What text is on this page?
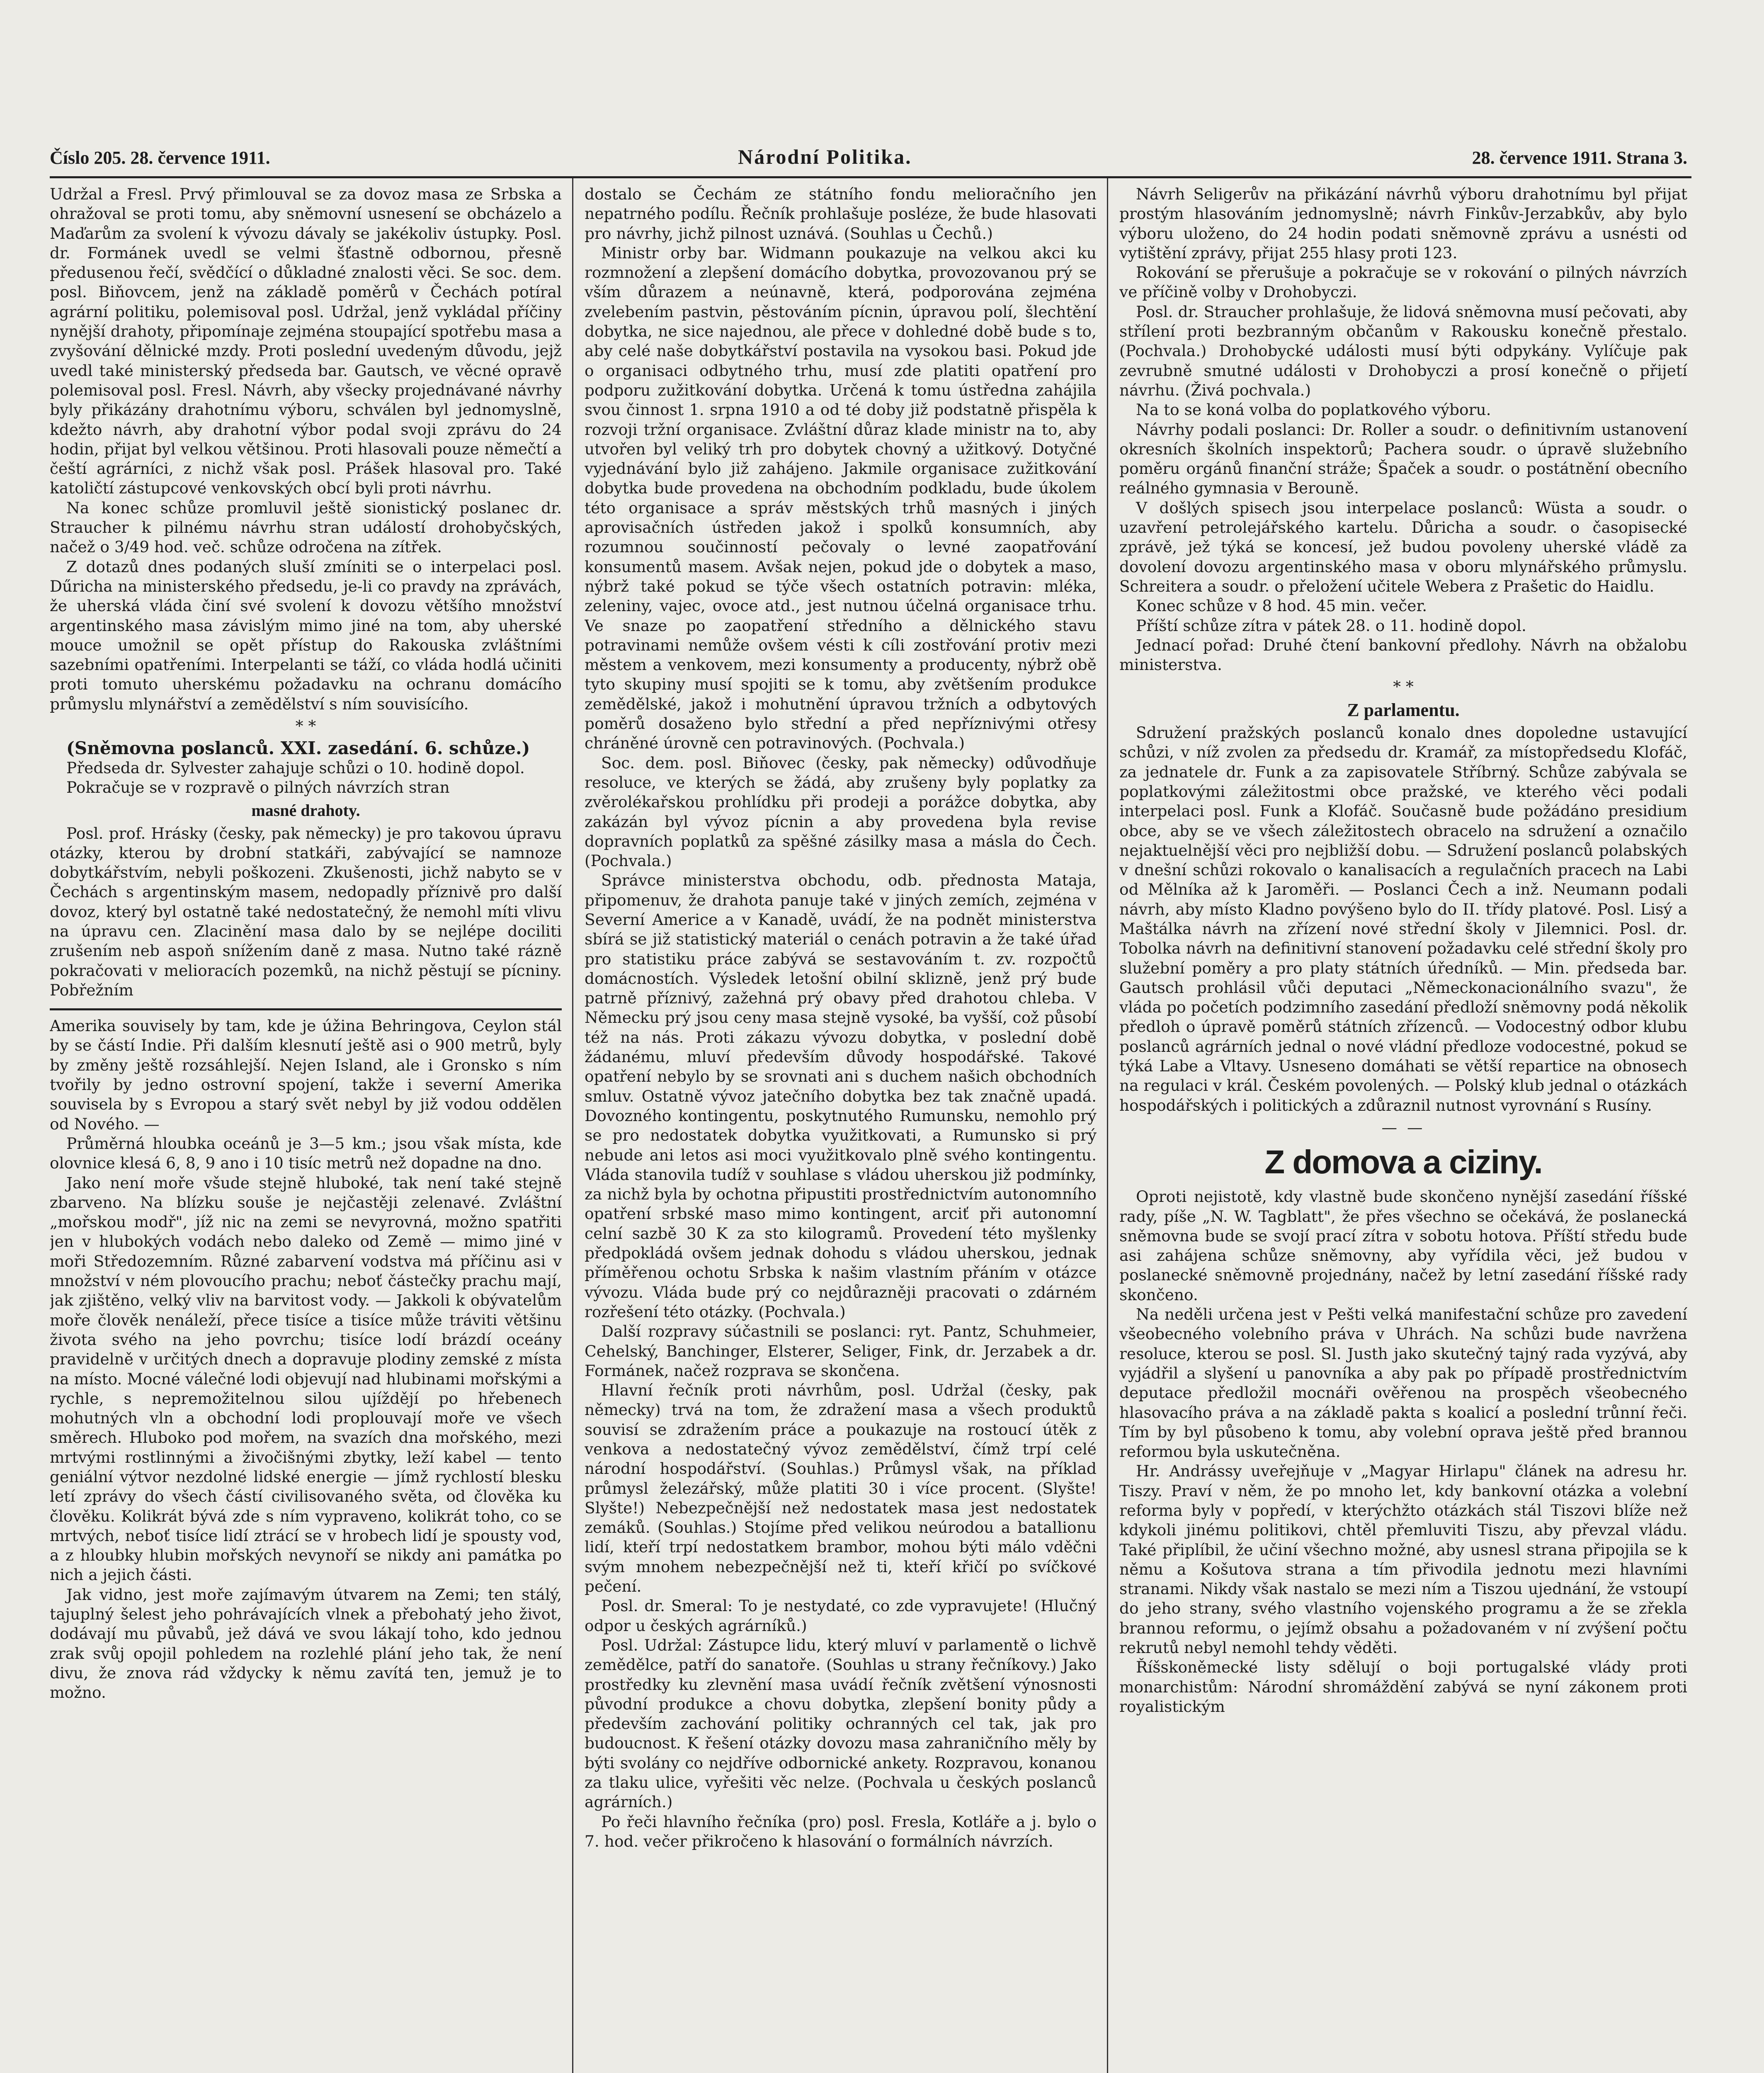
Číslo 205. 28. července 1911.	Národní Politika.	28. července 1911. Strana 3.

Udržal a Fresl. Prvý přimlouval se za dovoz masa ze Srbska a ohražoval se proti tomu, aby sněmovní usnesení se obcházelo a Maďarům za svolení k vývozu dávaly se jakékoliv ústupky. Posl. dr. Formánek uvedl se velmi šťastně odbornou, přesně předusenou řečí, svědčící o důkladné znalosti věci. Se soc. dem. posl. Biňovcem, jenž na základě poměrů v Čechách potíral agrární politiku, polemisoval posl. Udržal, jenž vykládal příčiny nynější drahoty, připomínaje zejména stoupající spotřebu masa a zvyšování dělnické mzdy. Proti poslední uvedeným důvodu, jejž uvedl také ministerský předseda bar. Gautsch, ve věcné opravě polemisoval posl. Fresl. Návrh, aby všecky projednávané návrhy byly přikázány drahotnímu výboru, schválen byl jednomyslně, kdežto návrh, aby drahotní výbor podal svoji zprávu do 24 hodin, přijat byl velkou většinou. Proti hlasovali pouze němečtí a čeští agrárníci, z nichž však posl. Prášek hlasoval pro. Také katoličtí zástupcové venkovských obcí byli proti návrhu.

Na konec schůze promluvil ještě sionistický poslanec dr. Straucher k pilnému návrhu stran událostí drohobyčských, načež o 3/49 hod. več. schůze odročena na zítřek.

Z dotazů dnes podaných sluší zmíniti se o interpelaci posl. Dűricha na ministerského předsedu, je-li co pravdy na zprávách, že uherská vláda činí své svolení k dovozu většího množství argentinského masa závislým mimo jiné na tom, aby uherské mouce umožnil se opět přístup do Rakouska zvláštními sazebními opatřeními. Interpelanti se táží, co vláda hodlá učiniti proti tomuto uherskému požadavku na ochranu domácího průmyslu mlynářství a zemědělství s ním souvisícího.

* *

(Sněmovna poslanců. XXI. zasedání. 6. schůze.)

Předseda dr. Sylvester zahajuje schůzi o 10. hodině dopol.

Pokračuje se v rozpravě o pilných návrzích stran

masné drahoty.

Posl. prof. Hrásky (česky, pak německy) je pro takovou úpravu otázky, kterou by drobní statkáři, zabývající se namnoze dobytkářstvím, nebyli poškozeni. Zkušenosti, jichž nabyto se v Čechách s argentinským masem, nedopadly příznivě pro další dovoz, který byl ostatně také nedostatečný, že nemohl míti vlivu na úpravu cen. Zlacinění masa dalo by se nejlépe dociliti zrušením neb aspoň snížením daně z masa. Nutno také rázně pokračovati v melioracích pozemků, na nichž pěstují se pícniny. Pobřežním

Amerika souvisely by tam, kde je úžina Behringova, Ceylon stál by se částí Indie. Při dalším klesnutí ještě asi o 900 metrů, byly by změny ještě rozsáhlejší. Nejen Island, ale i Gronsko s ním tvořily by jedno ostrovní spojení, takže i severní Amerika souvisela by s Evropou a starý svět nebyl by již vodou oddělen od Nového. —

Průměrná hloubka oceánů je 3—5 km.; jsou však místa, kde olovnice klesá 6, 8, 9 ano i 10 tisíc metrů než dopadne na dno.

Jako není moře všude stejně hluboké, tak není také stejně zbarveno. Na blízku souše je nejčastěji zelenavé. Zvláštní „mořskou modř", jíž nic na zemi se nevyrovná, možno spatřiti jen v hlubokých vodách nebo daleko od Země — mimo jiné v moři Středozemním. Různé zabarvení vodstva má příčinu asi v množství v ném plovoucího prachu; neboť částečky prachu mají, jak zjištěno, velký vliv na barvitost vody. — Jakkoli k obývatelům moře člověk nenáleží, přece tisíce a tisíce může tráviti většinu života svého na jeho povrchu; tisíce lodí brázdí oceány pravidelně v určitých dnech a dopravuje plodiny zemské z místa na místo. Mocné válečné lodi objevují nad hlubinami mořskými a rychle, s nepremožitelnou silou ujíždějí po hřebenech mohutných vln a obchodní lodi proplouvají moře ve všech směrech. Hluboko pod mořem, na svazích dna mořského, mezi mrtvými rostlinnými a živočišnými zbytky, leží kabel — tento geniální výtvor nezdolné lidské energie — jímž rychlostí blesku letí zprávy do všech částí civilisovaného světa, od člověka ku člověku. Kolikrát bývá zde s ním vypraveno, kolikrát toho, co se mrtvých, neboť tisíce lidí ztrácí se v hrobech lidí je spousty vod, a z hloubky hlubin mořských nevynoří se nikdy ani památka po nich a jejich části.

Jak vidno, jest moře zajímavým útvarem na Zemi; ten stálý, tajuplný šelest jeho pohrávajících vlnek a přebohatý jeho život, dodávají mu půvabů, jež dává ve svou lákají toho, kdo jednou zrak svůj opojil pohledem na rozlehlé plání jeho tak, že není divu, že znova rád vždycky k němu zavítá ten, jemuž je to možno.

dostalo se Čechám ze státního fondu melioračního jen nepatrného podílu. Řečník prohlašuje posléze, že bude hlasovati pro návrhy, jichž pilnost uznává. (Souhlas u Čechů.)

Ministr orby bar. Widmann poukazuje na velkou akci ku rozmnožení a zlepšení domácího dobytka, provozovanou prý se vším důrazem a neúnavně, která, podporována zejména zvelebením pastvin, pěstováním pícnin, úpravou polí, šlechtění dobytka, ne sice najednou, ale přece v dohledné době bude s to, aby celé naše dobytkářství postavila na vysokou basi. Pokud jde o organisaci odbytného trhu, musí zde platiti opatření pro podporu zužitkování dobytka. Určená k tomu ústředna zahájila svou činnost 1. srpna 1910 a od té doby již podstatně přispěla k rozvoji tržní organisace. Zvláštní důraz klade ministr na to, aby utvořen byl veliký trh pro dobytek chovný a užitkový. Dotyčné vyjednávání bylo již zahájeno. Jakmile organisace zužitkování dobytka bude provedena na obchodním podkladu, bude úkolem této organisace a správ městských trhů masných i jiných aprovisačních ústředen jakož i spolků konsumních, aby rozumnou součinností pečovaly o levné zaopatřování konsumentů masem. Avšak nejen, pokud jde o dobytek a maso, nýbrž také pokud se týče všech ostatních potravin: mléka, zeleniny, vajec, ovoce atd., jest nutnou účelná organisace trhu. Ve snaze po zaopatření středního a dělnického stavu potravinami nemůže ovšem vésti k cíli zostřování protiv mezi městem a venkovem, mezi konsumenty a producenty, nýbrž obě tyto skupiny musí spojiti se k tomu, aby zvětšením produkce zemědělské, jakož i mohutnění úpravou tržních a odbytových poměrů dosaženo bylo střední a před nepříznivými otřesy chráněné úrovně cen potravinových. (Pochvala.)

Soc. dem. posl. Biňovec (česky, pak německy) odůvodňuje resoluce, ve kterých se žádá, aby zrušeny byly poplatky za zvěrolékařskou prohlídku při prodeji a porážce dobytka, aby zakázán byl vývoz pícnin a aby provedena byla revise dopravních poplatků za spěšné zásilky masa a másla do Čech. (Pochvala.)

Správce ministerstva obchodu, odb. přednosta Mataja, připomenuv, že drahota panuje také v jiných zemích, zejména v Severní Americe a v Kanadě, uvádí, že na podnět ministerstva sbírá se již statistický materiál o cenách potravin a že také úřad pro statistiku práce zabývá se sestavováním t. zv. rozpočtů domácnostích. Výsledek letošní obilní sklizně, jenž prý bude patrně příznivý, zažehná prý obavy před drahotou chleba. V Německu prý jsou ceny masa stejně vysoké, ba vyšší, což působí též na nás. Proti zákazu vývozu dobytka, v poslední době žádanému, mluví především důvody hospodářské. Takové opatření nebylo by se srovnati ani s duchem našich obchodních smluv. Ostatně vývoz jatečního dobytka bez tak značně upadá. Dovozného kontingentu, poskytnutého Rumunsku, nemohlo prý se pro nedostatek dobytka využitkovati, a Rumunsko si prý nebude ani letos asi moci využitkovalo plně svého kontingentu. Vláda stanovila tudíž v souhlase s vládou uherskou již podmínky, za nichž byla by ochotna připustiti prostřednictvím autonomního opatření srbské maso mimo kontingent, arciť při autonomní celní sazbě 30 K za sto kilogramů. Provedení této myšlenky předpokládá ovšem jednak dohodu s vládou uherskou, jednak příměřenou ochotu Srbska k našim vlastním přáním v otázce vývozu. Vláda bude prý co nejdůrazněji pracovati o zdárném rozřešení této otázky. (Pochvala.)

Další rozpravy súčastnili se poslanci: ryt. Pantz, Schuhmeier, Cehelský, Banchinger, Elsterer, Seliger, Fink, dr. Jerzabek a dr. Formánek, načež rozprava se skončena.

Hlavní řečník proti návrhům, posl. Udržal (česky, pak německy) trvá na tom, že zdražení masa a všech produktů souvisí se zdražením práce a poukazuje na rostoucí útěk z venkova a nedostatečný vývoz zemědělství, čímž trpí celé národní hospodářství. (Souhlas.) Průmysl však, na příklad průmysl železářský, může platiti 30 i více procent. (Slyšte! Slyšte!) Nebezpečnější než nedostatek masa jest nedostatek zemáků. (Souhlas.) Stojíme před velikou neúrodou a batallionu lidí, kteří trpí nedostatkem brambor, mohou býti málo vděčni svým mnohem nebezpečnější než ti, kteří křičí po svíčkové pečení.

Posl. dr. Smeral: To je nestydaté, co zde vypravujete! (Hlučný odpor u českých agrárníků.)

Posl. Udržal: Zástupce lidu, který mluví v parlamentě o lichvě zemědělce, patří do sanatoře. (Souhlas u strany řečníkovy.) Jako prostředky ku zlevnění masa uvádí řečník zvětšení výnosnosti původní produkce a chovu dobytka, zlepšení bonity půdy a především zachování politiky ochranných cel tak, jak pro budoucnost. K řešení otázky dovozu masa zahraničního měly by býti svolány co nejdříve odbornické ankety. Rozpravou, konanou za tlaku ulice, vyřešiti věc nelze. (Pochvala u českých poslanců agrárních.)

Po řeči hlavního řečníka (pro) posl. Fresla, Kotláře a j. bylo o 7. hod. večer přikročeno k hlasování o formálních návrzích.

Návrh Seligerův na přikázání návrhů výboru drahotnímu byl přijat prostým hlasováním jednomyslně; návrh Finkův-Jerzabkův, aby bylo výboru uloženo, do 24 hodin podati sněmovně zprávu a usnésti od vytištění zprávy, přijat 255 hlasy proti 123.

Rokování se přerušuje a pokračuje se v rokování o pilných návrzích ve příčině volby v Drohobyczi.

Posl. dr. Straucher prohlašuje, že lidová sněmovna musí pečovati, aby střílení proti bezbranným občanům v Rakousku konečně přestalo. (Pochvala.) Drohobycké události musí býti odpykány. Vylíčuje pak zevrubně smutné události v Drohobyczi a prosí konečně o přijetí návrhu. (Živá pochvala.)

Na to se koná volba do poplatkového výboru.

Návrhy podali poslanci: Dr. Roller a soudr. o definitivním ustanovení okresních školních inspektorů; Pachera soudr. o úpravě služebního poměru orgánů finanční stráže; Špaček a soudr. o postátnění obecního reálného gymnasia v Berouně.

V došlých spisech jsou interpelace poslanců: Wüsta a soudr. o uzavření petrolejářského kartelu. Důricha a soudr. o časopisecké zprávě, jež týká se koncesí, jež budou povoleny uherské vládě za dovolení dovozu argentinského masa v oboru mlynářského průmyslu. Schreitera a soudr. o přeložení učitele Webera z Prašetic do Haidlu.

Konec schůze v 8 hod. 45 min. večer.

Příští schůze zítra v pátek 28. o 11. hodině dopol.

Jednací pořad: Druhé čtení bankovní předlohy. Návrh na obžalobu ministerstva.

* *
Z parlamentu.

Sdružení pražských poslanců konalo dnes dopoledne ustavující schůzi, v níž zvolen za předsedu dr. Kramář, za místopředsedu Klofáč, za jednatele dr. Funk a za zapisovatele Stříbrný. Schůze zabývala se poplatkovými záležitostmi obce pražské, ve kterého věci podali interpelaci posl. Funk a Klofáč. Současně bude požádáno presidium obce, aby se ve všech záležitostech obracelo na sdružení a označilo nejaktuelnější věci pro nejbližší dobu. — Sdružení poslanců polabských v dnešní schůzi rokovalo o kanalisacích a regulačních pracech na Labi od Mělníka až k Jaroměři. — Poslanci Čech a inž. Neumann podali návrh, aby místo Kladno povýšeno bylo do II. třídy platové. Posl. Lisý a Maštálka návrh na zřízení nové střední školy v Jilemnici. Posl. dr. Tobolka návrh na definitivní stanovení požadavku celé střední školy pro služební poměry a pro platy státních úředníků. — Min. předseda bar. Gautsch prohlásil vůči deputaci „Německonacionálního svazu", že vláda po početích podzimního zasedání předloží sněmovny podá několik předloh o úpravě poměrů státních zřízenců. — Vodocestný odbor klubu poslanců agrárních jednal o nové vládní předloze vodocestné, pokud se týká Labe a Vltavy. Usneseno domáhati se větší reparticе na obnosech na regulaci v král. Českém povolených. — Polský klub jednal o otázkách hospodářských i politických a zdůraznil nutnost vyrovnání s Rusíny.

— —
Z domova a ciziny.

Oproti nejistotě, kdy vlastně bude skončeno nynější zasedání říšské rady, píše „N. W. Tagblatt", že přes všechno se očekává, že poslanecká sněmovna bude se svojí prací zítra v sobotu hotova. Příští středu bude asi zahájena schůze sněmovny, aby vyřídila věci, jež budou v poslanecké sněmovně projednány, načež by letní zasedání říšské rady skončeno.

Na neděli určena jest v Pešti velká manifestační schůze pro zavedení všeobecného volebního práva v Uhrách. Na schůzi bude navržena resoluce, kterou se posl. Sl. Justh jako skutečný tajný rada vyzývá, aby vyjádřil a slyšení u panovníka a aby pak po případě prostřednictvím deputace předložil mocnáři ověřenou na prospěch všeobecného hlasovacího práva a na základě pakta s koalicí a poslední trůnní řeči. Tím by byl působeno k tomu, aby volební oprava ještě před brannou reformou byla uskutečněna.

Hr. Andrássy uveřejňuje v „Magyar Hirlapu" článek na adresu hr. Tiszy. Praví v něm, že po mnoho let, kdy bankovní otázka a volební reforma byly v popředí, v kterýchžto otázkách stál Tiszovi blíže než kdykoli jinému politikovi, chtěl přemluviti Tiszu, aby převzal vládu. Také připlíbil, že učiní všechno možné, aby usnesl strana připojila se k němu a Košutova strana a tím přivodila jednotu mezi hlavními stranami. Nikdy však nastalo se mezi ním a Tiszou ujednání, že vstoupí do jeho strany, svého vlastního vojenského programu a že se zřekla brannou reformu, o jejímž obsahu a požadovaném v ní zvýšení počtu rekrutů nebyl nemohl tehdy věděti.

Říšskoněmecké listy sdělují o boji portugalské vlády proti monarchistům: Národní shromáždění zabývá se nyní zákonem proti royalistickým
